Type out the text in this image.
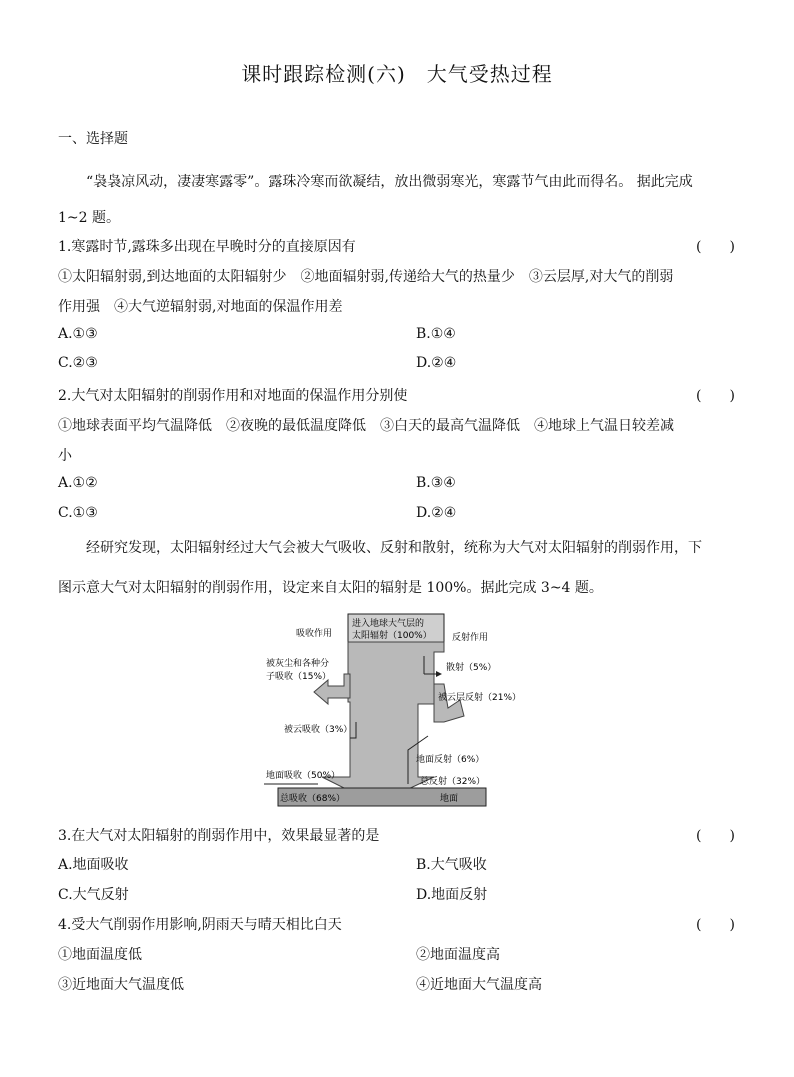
课时跟踪检测(六)　大气受热过程
一、选择题
“袅袅凉风动，凄凄寒露零”。露珠冷寒而欲凝结，放出微弱寒光，寒露节气由此而得名。 据此完成
1~2 题。
1.寒露时节,露珠多出现在早晚时分的直接原因有	(　　)
①太阳辐射弱,到达地面的太阳辐射少　②地面辐射弱,传递给大气的热量少　③云层厚,对大气的削弱
作用强　④大气逆辐射弱,对地面的保温作用差
A.①③	B.①④
C.②③	D.②④
2.大气对太阳辐射的削弱作用和对地面的保温作用分别使	(　　)
①地球表面平均气温降低　②夜晚的最低温度降低　③白天的最高气温降低　④地球上气温日较差减
小
A.①②	B.③④
C.①③	D.②④
经研究发现，太阳辐射经过大气会被大气吸收、反射和散射，统称为大气对太阳辐射的削弱作用，下
图示意大气对太阳辐射的削弱作用，设定来自太阳的辐射是 100%。据此完成 3~4 题。
进入地球大气层的
太阳辐射（100%）
吸收作用	反射作用
被灰尘和各种分
子吸收（15%）
散射（5%）
被云层反射（21%）
被云吸收（3%）
地面反射（6%）
地面吸收（50%）
总反射（32%）
总吸收（68%）	地面
3.在大气对太阳辐射的削弱作用中，效果最显著的是	(　　)
A.地面吸收	B.大气吸收
C.大气反射	D.地面反射
4.受大气削弱作用影响,阴雨天与晴天相比白天	(　　)
①地面温度低	②地面温度高
③近地面大气温度低	④近地面大气温度高
